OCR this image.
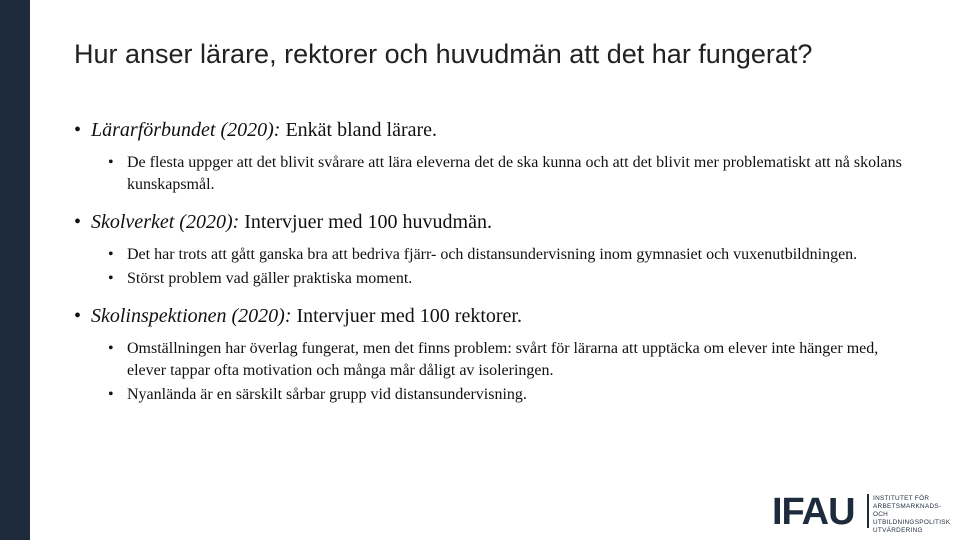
Hur anser lärare, rektorer och huvudmän att det har fungerat?
• Lärarförbundet (2020): Enkät bland lärare.
• De flesta uppger att det blivit svårare att lära eleverna det de ska kunna och att det blivit mer problematiskt att nå skolans kunskapsmål.
• Skolverket (2020): Intervjuer med 100 huvudmän.
• Det har trots att gått ganska bra att bedriva fjärr- och distansundervisning inom gymnasiet och vuxenutbildningen.
• Störst problem vad gäller praktiska moment.
• Skolinspektionen (2020): Intervjuer med 100 rektorer.
• Omställningen har överlag fungerat, men det finns problem: svårt för lärarna att upptäcka om elever inte hänger med, elever tappar ofta motivation och många mår dåligt av isoleringen.
• Nyanlända är en särskilt sårbar grupp vid distansundervisning.
IFAU	INSTITUTET FÖR
ARBETSMARKNADS- OCH
UTBILDNINGSPOLITISK
UTVÄRDERING
